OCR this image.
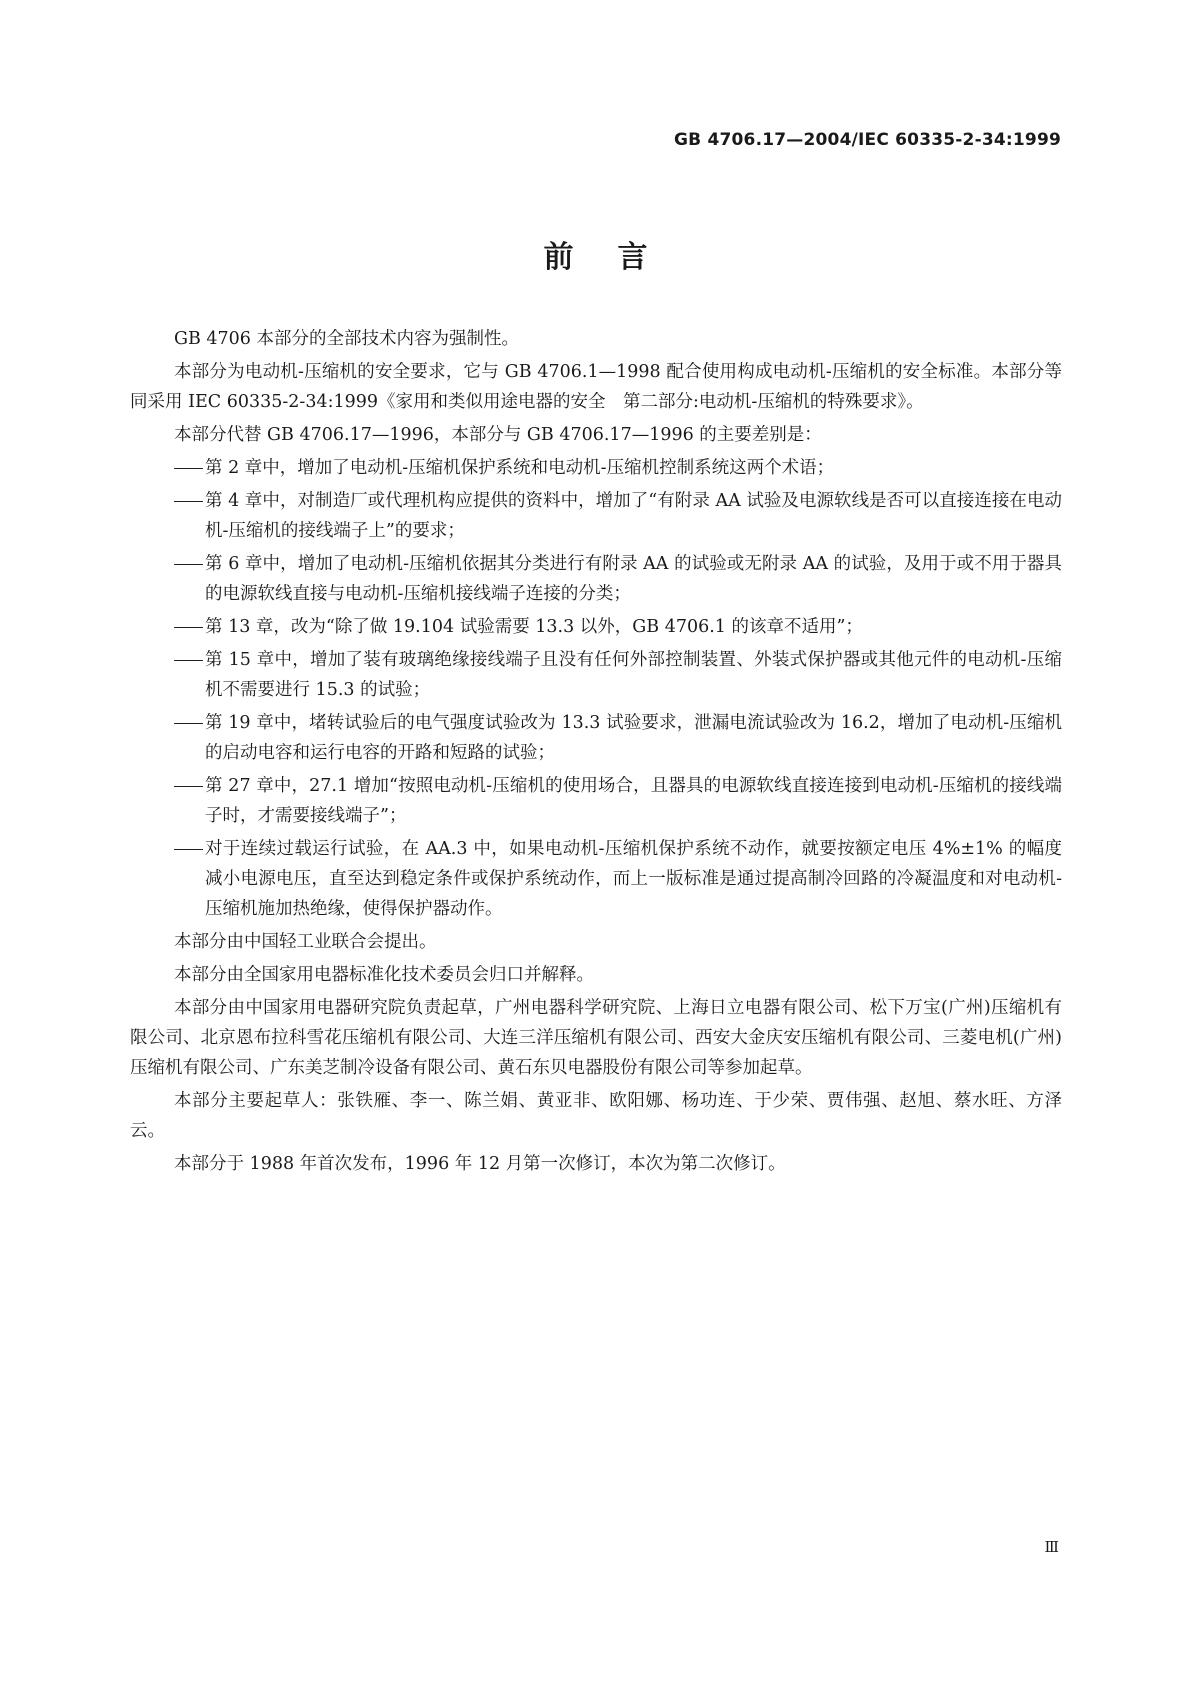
GB 4706.17—2004/IEC 60335-2-34:1999
前言

GB 4706 本部分的全部技术内容为强制性。

本部分为电动机-压缩机的安全要求，它与 GB 4706.1—1998 配合使用构成电动机-压缩机的安全标准。本部分等同采用 IEC 60335-2-34:1999《家用和类似用途电器的安全　第二部分:电动机-压缩机的特殊要求》。

本部分代替 GB 4706.17—1996，本部分与 GB 4706.17—1996 的主要差别是：

第 2 章中，增加了电动机-压缩机保护系统和电动机-压缩机控制系统这两个术语；
第 4 章中，对制造厂或代理机构应提供的资料中，增加了“有附录 AA 试验及电源软线是否可以直接连接在电动机-压缩机的接线端子上”的要求；
第 6 章中，增加了电动机-压缩机依据其分类进行有附录 AA 的试验或无附录 AA 的试验，及用于或不用于器具的电源软线直接与电动机-压缩机接线端子连接的分类；
第 13 章，改为“除了做 19.104 试验需要 13.3 以外，GB 4706.1 的该章不适用”；
第 15 章中，增加了装有玻璃绝缘接线端子且没有任何外部控制装置、外装式保护器或其他元件的电动机-压缩机不需要进行 15.3 的试验；
第 19 章中，堵转试验后的电气强度试验改为 13.3 试验要求，泄漏电流试验改为 16.2，增加了电动机-压缩机的启动电容和运行电容的开路和短路的试验；
第 27 章中，27.1 增加“按照电动机-压缩机的使用场合，且器具的电源软线直接连接到电动机-压缩机的接线端子时，才需要接线端子”；
对于连续过载运行试验，在 AA.3 中，如果电动机-压缩机保护系统不动作，就要按额定电压 4%±1% 的幅度减小电源电压，直至达到稳定条件或保护系统动作，而上一版标准是通过提高制冷回路的冷凝温度和对电动机-压缩机施加热绝缘，使得保护器动作。

本部分由中国轻工业联合会提出。

本部分由全国家用电器标准化技术委员会归口并解释。

本部分由中国家用电器研究院负责起草，广州电器科学研究院、上海日立电器有限公司、松下万宝(广州)压缩机有限公司、北京恩布拉科雪花压缩机有限公司、大连三洋压缩机有限公司、西安大金庆安压缩机有限公司、三菱电机(广州)压缩机有限公司、广东美芝制冷设备有限公司、黄石东贝电器股份有限公司等参加起草。

本部分主要起草人：张铁雁、李一、陈兰娟、黄亚非、欧阳娜、杨功连、于少荣、贾伟强、赵旭、蔡水旺、方泽云。

本部分于 1988 年首次发布，1996 年 12 月第一次修订，本次为第二次修订。

Ⅲ
